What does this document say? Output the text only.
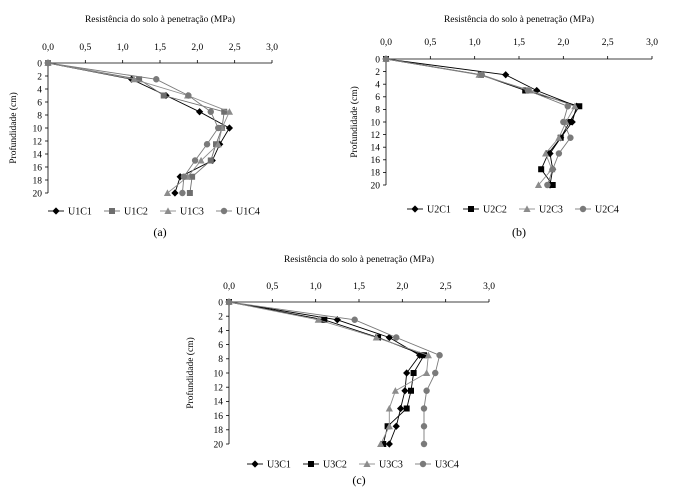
Resistência do solo à penetração (MPa)
0,0	0,5	1,0	1,5	2,0	2,5	3,0
0
2
4
6
8
10
12
14
16
18
20
Profundidade (cm)
U1C1	U1C2	U1C3	U1C4
(a)
Resistência do solo à penetração (MPa)
0,0	0,5	1,0	1,5	2,0	2,5	3,0
0
2
4
6
8
10
12
14
16
18
20
Profundidade (cm)
U2C1	U2C2	U2C3	U2C4
(b)
Resistência do solo à penetração (MPa)
0,0	0,5	1,0	1,5	2,0	2,5	3,0
0
2
4
6
8
10
12
14
16
18
20
Profundidade (cm)
U3C1	U3C2	U3C3	U3C4
(c)
